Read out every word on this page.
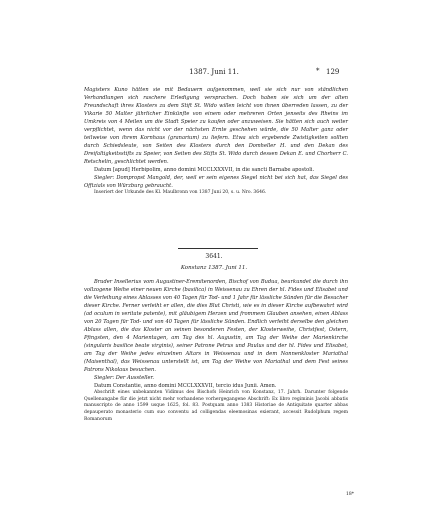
1387. Juni 11.	* 129

Magisters Kuno hätten sie mit Bedauern aufgenommen, weil sie sich nur von ständlichen Verhandlungen sich raschere Erledigung versprachen. Doch haben sie sich um der alten Freundschaft ihres Klosters zu dem Stift St. Wido willen leicht von ihnen überreden lassen, zu der Vikarie 50 Malter jährlicher Einkünfte von einem oder mehreren Orten jenseits des Rheins im Umkreis von 4 Meilen um die Stadt Speier zu kaufen oder anzuweisen. Sie hätten sich auch weiter verpflichtet, wenn das nicht vor der nächsten Ernte geschehen würde, die 50 Malter ganz oder teilweise von ihrem Kornhaus (granarium) zu liefern. Etwa sich ergebende Zwistigkeiten sollten durch Schiedsleute, von Seiten des Klosters durch den Domheller H. und den Dekan des Dreifaltigkeitsstifts zu Speier, von Seiten des Stifts St. Wido durch dessen Dekan E. und Chorherr C. Retschelin, geschlichtet werden.

Datum [apud] Herbipolim, anno domini MCCLXXXVII, in die sancti Barnabe apostoli.

Siegler: Dompropst Mangold, der, weil er sein eigenes Siegel nicht bei sich hat, das Siegel des Offizials von Würzburg gebraucht.

Inseriert der Urkunde des Kl. Maulbronn von 1387 Juni 20, s. u. Nro. 3646.

3641.
Konstanz 1387. Juni 11.

Bruder Insellerius vom Augustiner-Eremitenorden, Bischof von Budua, beurkundet die durch ihn vollzogene Weihe einer neuen Kirche (basilica) in Weissenau zu Ehren der hl. Fides und Elisabet und die Verleihung eines Ablasses von 40 Tagen für Tod- und 1 Jahr für lässliche Sünden für die Besucher dieser Kirche. Ferner verleiht er allen, die dies Blut Christi, wie es in dieser Kirche aufbewahrt wird (ad oculum in veritate patente), mit gläubigem Herzen und frommem Glauben ansehen, einen Ablass von 20 Tagen für Tod- und von 40 Tagen für lässliche Sünden. Endlich verleiht derselbe den gleichen Ablass allen, die das Kloster an seinen besonderen Festen, der Klosterweihe, Christfest, Ostern, Pfingsten, den 4 Marientagen, am Tag des hl. Augustin, am Tag der Weihe der Marienkirche (singularis basilice beate virginis), seiner Patrone Petrus und Paulus und der hl. Fides und Elisabet, am Tag der Weihe jedes einzelnen Altars in Weissenau und in dem Nonnenkloster Mariathal (Maisenthal), das Weissenau unterstellt ist, am Tag der Weihe von Mariathal und dem Fest seines Patrons Nikolaus besuchen.

Siegler: Der Aussteller.

Datum Constantie, anno domini MCCLXXXVII, tercio idus Junii. Amen.

Abschrift eines unbekannten Vidimus des Bischofs Heinrich von Konstanz, 17. Jahrh. Darunter folgende Quellenangabe für die jetzt nicht mehr vorhandene vorhergegangene Abschrift: Ex libro regiminis Jacobi abbatis manuscripto de anno 1599 usque 1625, fol. 83. Postquam anno 1383 Historiae de Antiquitate quarter abbas depauperato monasterio cum suo conventu ad colligendas eleemosinas exierant, accessit Rudolphum regem Romanorum

18*
